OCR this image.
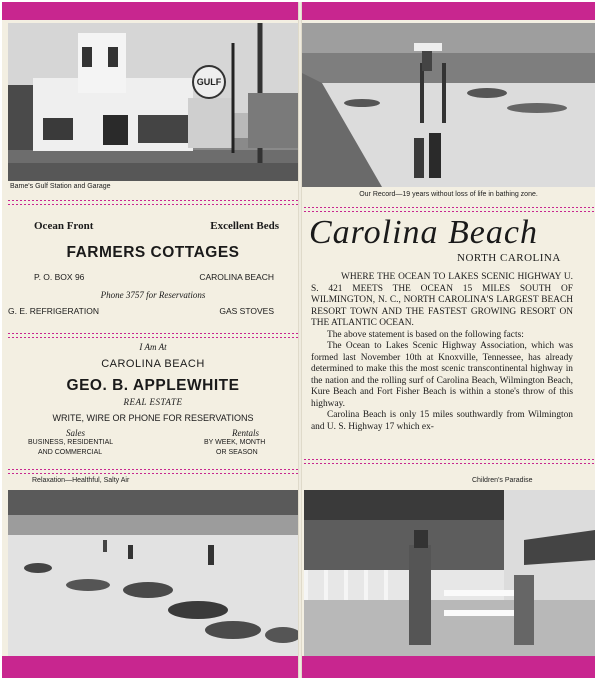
GULF
Bame's Gulf Station and Garage
Ocean Front	Excellent Beds
FARMERS COTTAGES
P. O. BOX 96	CAROLINA BEACH
Phone 3757 for Reservations
G. E. REFRIGERATION	GAS STOVES
I Am At
CAROLINA BEACH
GEO. B. APPLEWHITE
REAL ESTATE
WRITE, WIRE OR PHONE FOR RESERVATIONS
Sales
BUSINESS, RESIDENTIAL
AND COMMERCIAL
Rentals
BY WEEK, MONTH
OR SEASON
Relaxation—Healthful, Salty Air
Our Record—19 years without loss of life in bathing zone.
Carolina Beach
NORTH CAROLINA

WHERE THE OCEAN TO LAKES SCENIC HIGHWAY U. S. 421 MEETS THE OCEAN 15 MILES SOUTH OF WILMINGTON, N. C., NORTH CAROLINA'S LARGEST BEACH RESORT TOWN AND THE FASTEST GROWING RESORT ON THE ATLANTIC OCEAN.

The above statement is based on the following facts:

The Ocean to Lakes Scenic Highway Association, which was formed last November 10th at Knoxville, Tennessee, has already determined to make this the most scenic transcontinental highway in the nation and the rolling surf of Carolina Beach, Wilmington Beach, Kure Beach and Fort Fisher Beach is within a stone's throw of this highway.

Carolina Beach is only 15 miles southwardly from Wilmington and U. S. Highway 17 which ex-

Children's Paradise
